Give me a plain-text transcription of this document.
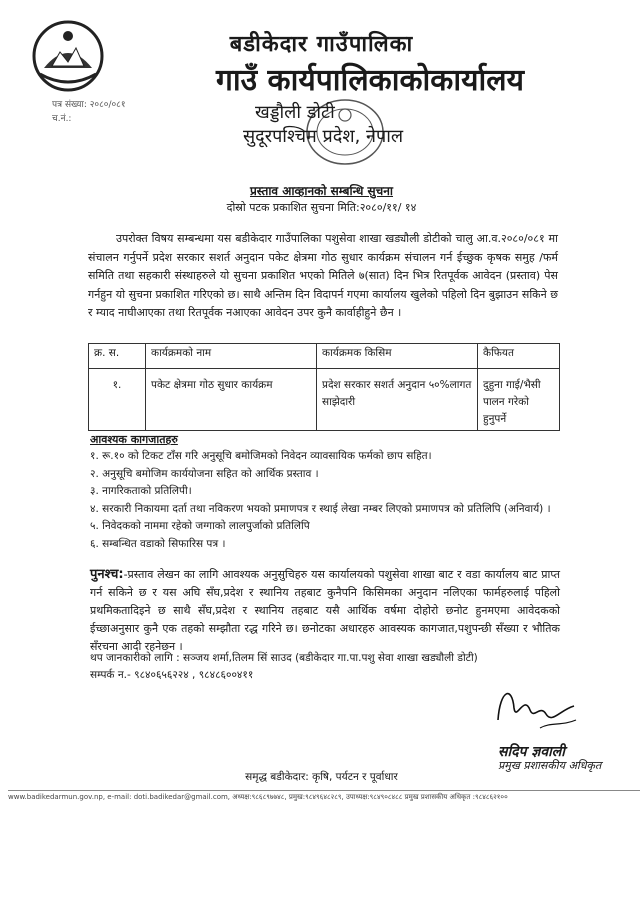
बडीकेदार गाउँपालिका
गाउँ कार्यपालिकाकोकार्यालय
पत्र संख्या: २०८०/०८१
च.नं.:	खड्डौली डोटी
सुदूरपश्चिम प्रदेश, नेपाल
प्रस्ताव आव्हानको सम्बन्धि सुचना
दोस्रो पटक प्रकाशित सुचना मिति:२०८०/११/ १४
उपरोक्त विषय सम्बन्धमा यस बडीकेदार गाउँपालिका पशुसेवा शाखा खड्यौली डोटीको चालु आ.व.२०८०/०८१ मा संचालन गर्नुपर्ने प्रदेश सरकार सशर्त अनुदान पकेट क्षेत्रमा गोठ सुधार कार्यक्रम संचालन गर्न ईच्छुक कृषक समुह /फर्म समिति तथा सहकारी संस्थाहरुले यो सुचना प्रकाशित भएको मितिले ७(सात) दिन भित्र रितपूर्वक आवेदन (प्रस्ताव) पेस गर्नहुन यो सुचना प्रकाशित गरिएको छ। साथै अन्तिम दिन विदापर्न गएमा कार्यालय खुलेको पहिलो दिन बुझाउन सकिने छ र म्याद नाघीआएका तथा रितपूर्वक नआएका आवेदन उपर कुनै कार्वाहीहुने छैन ।
क्र. स.	कार्यक्रमको नाम	कार्यक्रमक किसिम	कैफियत
१.	पकेट क्षेत्रमा गोठ सुधार कार्यक्रम	प्रदेश सरकार सशर्त अनुदान ५०%लागत साझेदारी	दुहुना गाई/भैसी पालन गरेको हुनुपर्ने
आवश्यक कागजातहरु
१. रू.१० को टिकट टाँस गरि अनुसूचि बमोजिमको निवेदन व्यावसायिक फर्मको छाप सहित।
२. अनुसूचि बमोजिम कार्ययोजना सहित को आर्थिक प्रस्ताव ।
३. नागरिकताको प्रतिलिपी।
४. सरकारी निकायमा दर्ता तथा नविकरण भयको प्रमाणपत्र र स्थाई लेखा नम्बर लिएको प्रमाणपत्र को प्रतिलिपि (अनिवार्य) ।
५. निवेदकको नाममा रहेको जग्गाको लालपुर्जाको प्रतिलिपि
६. सम्बन्धित वडाको सिफारिस पत्र ।
पुनश्च:-प्रस्ताव लेखन का लागि आवश्यक अनुसुचिहरु यस कार्यालयको पशुसेवा शाखा बाट र वडा कार्यालय बाट प्राप्त गर्न सकिने छ र यस अघि सँघ,प्रदेश र स्थानिय तहबाट कुनैपनि किसिमका अनुदान नलिएका फार्महरुलाई पहिलो प्रथमिकतादिइने छ साथै सँघ,प्रदेश र स्थानिय तहबाट यसै आर्थिक वर्षमा दोहोरो छनोट हुनमएमा आवेदकको ईच्छाअनुसार कुनै एक तहको सम्झौता रद्ध गरिने छ। छनोटका अधारहरु आवस्यक कागजात,पशुपन्छी सँख्या र भौतिक सँरचना आदी रहनेछन ।
थप जानकारीको लागि : सञ्जय शर्मा,तिलम सिं साउद (बडीकेदार गा.पा.पशु सेवा शाखा खड्यौली डोटी)
सम्पर्क न.- ९८४०६५६२२४ , ९८४८६००४११
सदिप ज्ञवाली
प्रमुख प्रशासकीय अधिकृत
समृद्ध बडीकेदार: कृषि, पर्यटन र पूर्वाधार
www.badikedarmun.gov.np, e-mail: doti.badikedar@gmail.com, अध्यक्ष:९८६८९७७४८, प्रमुख:९८४९६४८२८९, उपाध्यक्ष:९८४९०८४८८ प्रमुख प्रशासकीय अधिकृत :९८४८६२१००
